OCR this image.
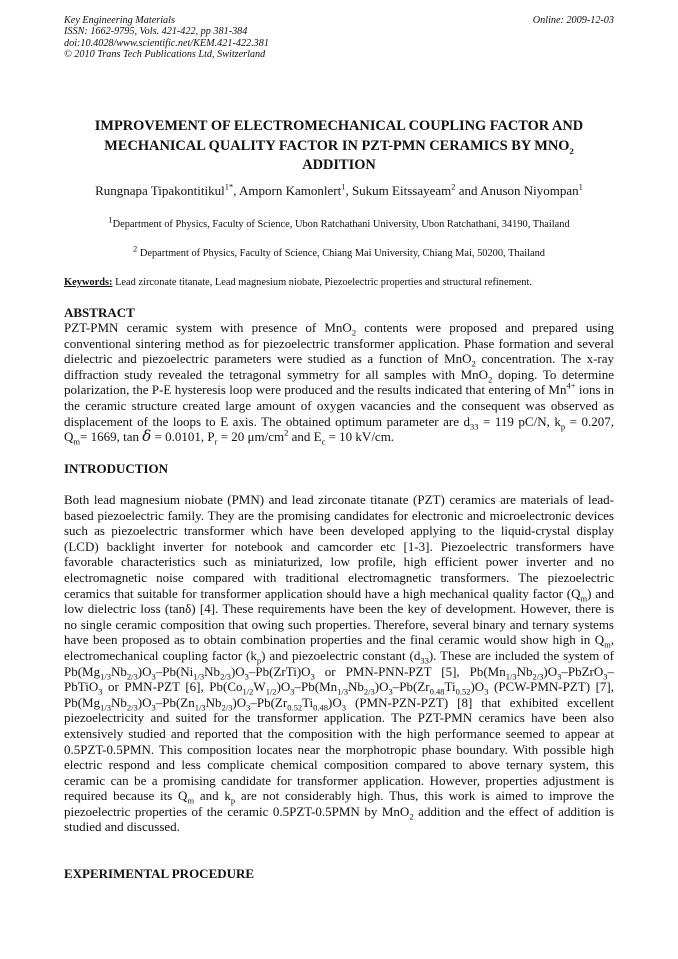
Key Engineering Materials
ISSN: 1662-9795, Vols. 421-422, pp 381-384
doi:10.4028/www.scientific.net/KEM.421-422.381
© 2010 Trans Tech Publications Ltd, Switzerland
Online: 2009-12-03
IMPROVEMENT OF ELECTROMECHANICAL COUPLING FACTOR AND
MECHANICAL QUALITY FACTOR IN PZT-PMN CERAMICS BY $MNO_2$
ADDITION
Rungnapa Tipakontitikul$^{1*}$, Amporn Kamonlert$^1$, Sukum Eitssayeam$^2$ and Anuson Niyompan$^1$
$^1$Department of Physics, Faculty of Science, Ubon Ratchathani University, Ubon Ratchathani, 34190, Thailand
$^2$ Department of Physics, Faculty of Science, Chiang Mai University, Chiang Mai, 50200, Thailand
Keywords: Lead zirconate titanate, Lead magnesium niobate, Piezoelectric properties and structural refinement.
ABSTRACT
PZT-PMN ceramic system with presence of MnO$_2$ contents were proposed and prepared using conventional sintering method as for piezoelectric transformer application. Phase formation and several dielectric and piezoelectric parameters were studied as a function of MnO$_2$ concentration. The x-ray diffraction study revealed the tetragonal symmetry for all samples with MnO$_2$ doping. To determine polarization, the P-E hysteresis loop were produced and the results indicated that entering of $Mn^{4+}$ ions in the ceramic structure created large amount of oxygen vacancies and the consequent was observed as displacement of the loops to E axis. The obtained optimum parameter are $d_{33} = 119$ pC/N, $k_p = 0.207$, $Q_m= 1669$, tan δ = 0.0101, $P_r = 20$ $\mu m/cm^2$ and $E_c = 10$ kV/cm.
INTRODUCTION
Both lead magnesium niobate (PMN) and lead zirconate titanate (PZT) ceramics are materials of lead-based piezoelectric family. They are the promising candidates for electronic and microelectronic devices such as piezoelectric transformer which have been developed applying to the liquid-crystal display (LCD) backlight inverter for notebook and camcorder etc [1-3]. Piezoelectric transformers have favorable characteristics such as miniaturized, low profile, high efficient power inverter and no electromagnetic noise compared with traditional electromagnetic transformers. The piezoelectric ceramics that suitable for transformer application should have a high mechanical quality factor $(Q_m)$ and low dielectric loss (tanδ) [4]. These requirements have been the key of development. However, there is no single ceramic composition that owing such properties. Therefore, several binary and ternary systems have been proposed as to obtain combination properties and the final ceramic would show high in $Q_m$, electromechanical coupling factor $(k_p)$ and piezoelectric constant $(d_{33})$. These are included the system of $Pb(Mg_{1/3}Nb_{2/3})O_3-Pb(Ni_{1/3}Nb_{2/3})O_3-Pb(ZrTi)O_3$ or PMN-PNN-PZT [5], $Pb(Mn_{1/3}Nb_{2/3})O_3-PbZrO_3-PbTiO_3$ or PMN-PZT [6], $Pb(Co_{1/2}W_{1/2})O_3-Pb(Mn_{1/3}Nb_{2/3})O_3-Pb(Zr_{0.48}Ti_{0.52})O_3$ (PCW-PMN-PZT) [7], $Pb(Mg_{1/3}Nb_{2/3})O_3-Pb(Zn_{1/3}Nb_{2/3})O_3-Pb(Zr_{0.52}Ti_{0.48})O_3$ (PMN-PZN-PZT) [8] that exhibited excellent piezoelectricity and suited for the transformer application. The PZT-PMN ceramics have been also extensively studied and reported that the composition with the high performance seemed to appear at 0.5PZT-0.5PMN. This composition locates near the morphotropic phase boundary. With possible high electric respond and less complicate chemical composition compared to above ternary system, this ceramic can be a promising candidate for transformer application. However, properties adjustment is required because its $Q_m$ and $k_p$ are not considerably high. Thus, this work is aimed to improve the piezoelectric properties of the ceramic 0.5PZT-0.5PMN by MnO$_2$ addition and the effect of addition is studied and discussed.
EXPERIMENTAL PROCEDURE
